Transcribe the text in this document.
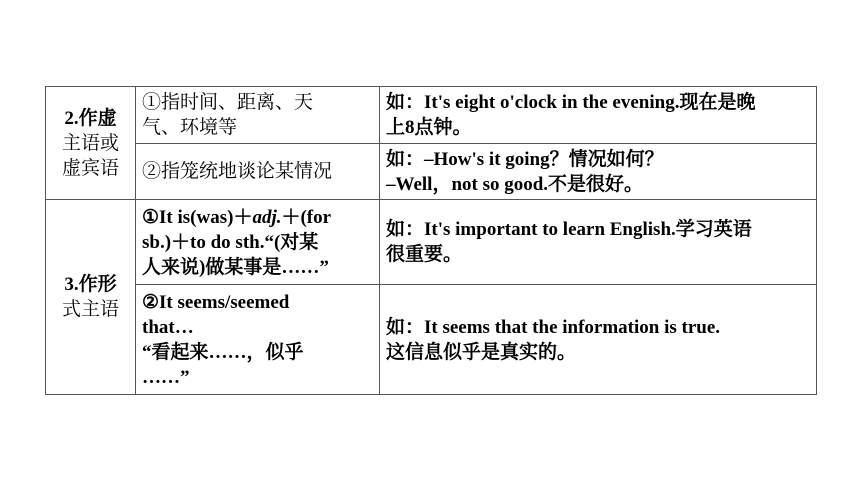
2.作虚
主语或
虚宾语	①指时间、距离、天
气、环境等	如：It's eight o'clock in the evening.现在是晚
上8点钟。

	②指笼统地谈论某情况	如：–How's it going？情况如何？
–Well，not so good.不是很好。

3.作形
式主语	①It is(was)＋adj.＋(for
sb.)＋to do sth.“(对某
人来说)做某事是……”	如：It's important to learn English.学习英语
很重要。

	②It seems/seemed
that…
“看起来……，似乎
……”	如：It seems that the information is true.
这信息似乎是真实的。
